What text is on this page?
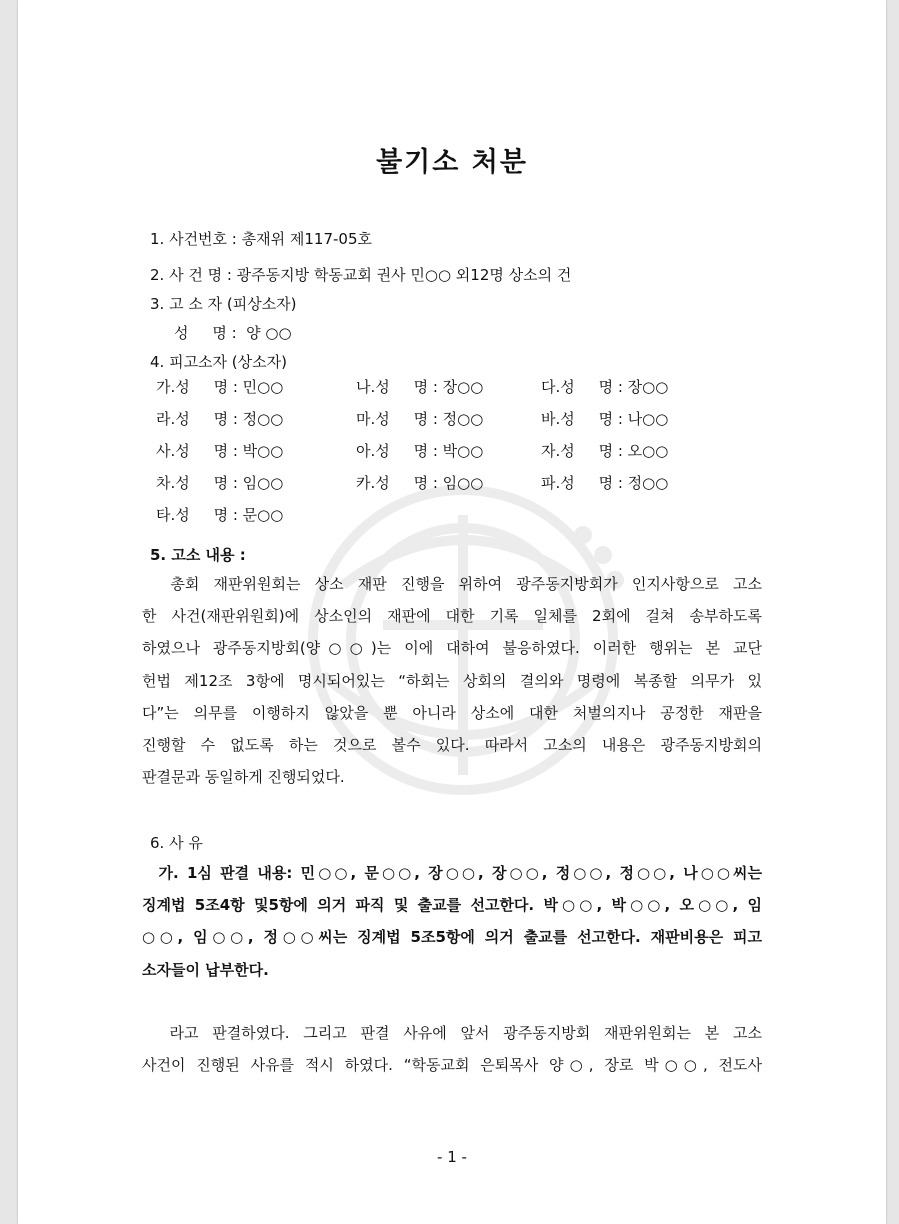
불기소 처분
1. 사건번호 : 총재위 제117-05호
2. 사 건 명 : 광주동지방 학동교회 권사 민○○ 외12명 상소의 건
3. 고 소 자 (피상소자)
성     명 :  양 ○○
4. 피고소자 (상소자)
가.성     명 : 민○○	나.성     명 : 장○○	다.성     명 : 장○○
라.성     명 : 정○○	마.성     명 : 정○○	바.성     명 : 나○○
사.성     명 : 박○○	아.성     명 : 박○○	자.성     명 : 오○○
차.성     명 : 임○○	카.성     명 : 임○○	파.성     명 : 정○○
타.성     명 : 문○○
5. 고소 내용 :
총회 재판위원회는 상소 재판 진행을 위하여 광주동지방회가 인지사항으로 고소
한 사건(재판위원회)에 상소인의 재판에 대한 기록 일체를 2회에 걸쳐 송부하도록
하였으나 광주동지방회(양○○)는 이에 대하여 불응하였다. 이러한 행위는 본 교단
헌법 제12조 3항에 명시되어있는 “하회는 상회의 결의와 명령에 복종할 의무가 있
다”는 의무를 이행하지 않았을 뿐 아니라 상소에 대한 처벌의지나 공정한 재판을
진행할 수 없도록 하는 것으로 볼수 있다. 따라서 고소의 내용은 광주동지방회의
판결문과 동일하게 진행되었다.
6. 사 유
가. 1심 판결 내용: 민○○, 문○○, 장○○, 장○○, 정○○, 정○○, 나○○씨는
징계법 5조4항 및5항에 의거 파직 및 출교를 선고한다. 박○○, 박○○, 오○○, 임
○○, 임○○, 정○○씨는 징계법 5조5항에 의거 출교를 선고한다. 재판비용은 피고
소자들이 납부한다.
라고 판결하였다. 그리고 판결 사유에 앞서 광주동지방회 재판위원회는 본 고소
사건이 진행된 사유를 적시 하였다. “학동교회 은퇴목사 양○, 장로 박○○, 전도사
- 1 -
